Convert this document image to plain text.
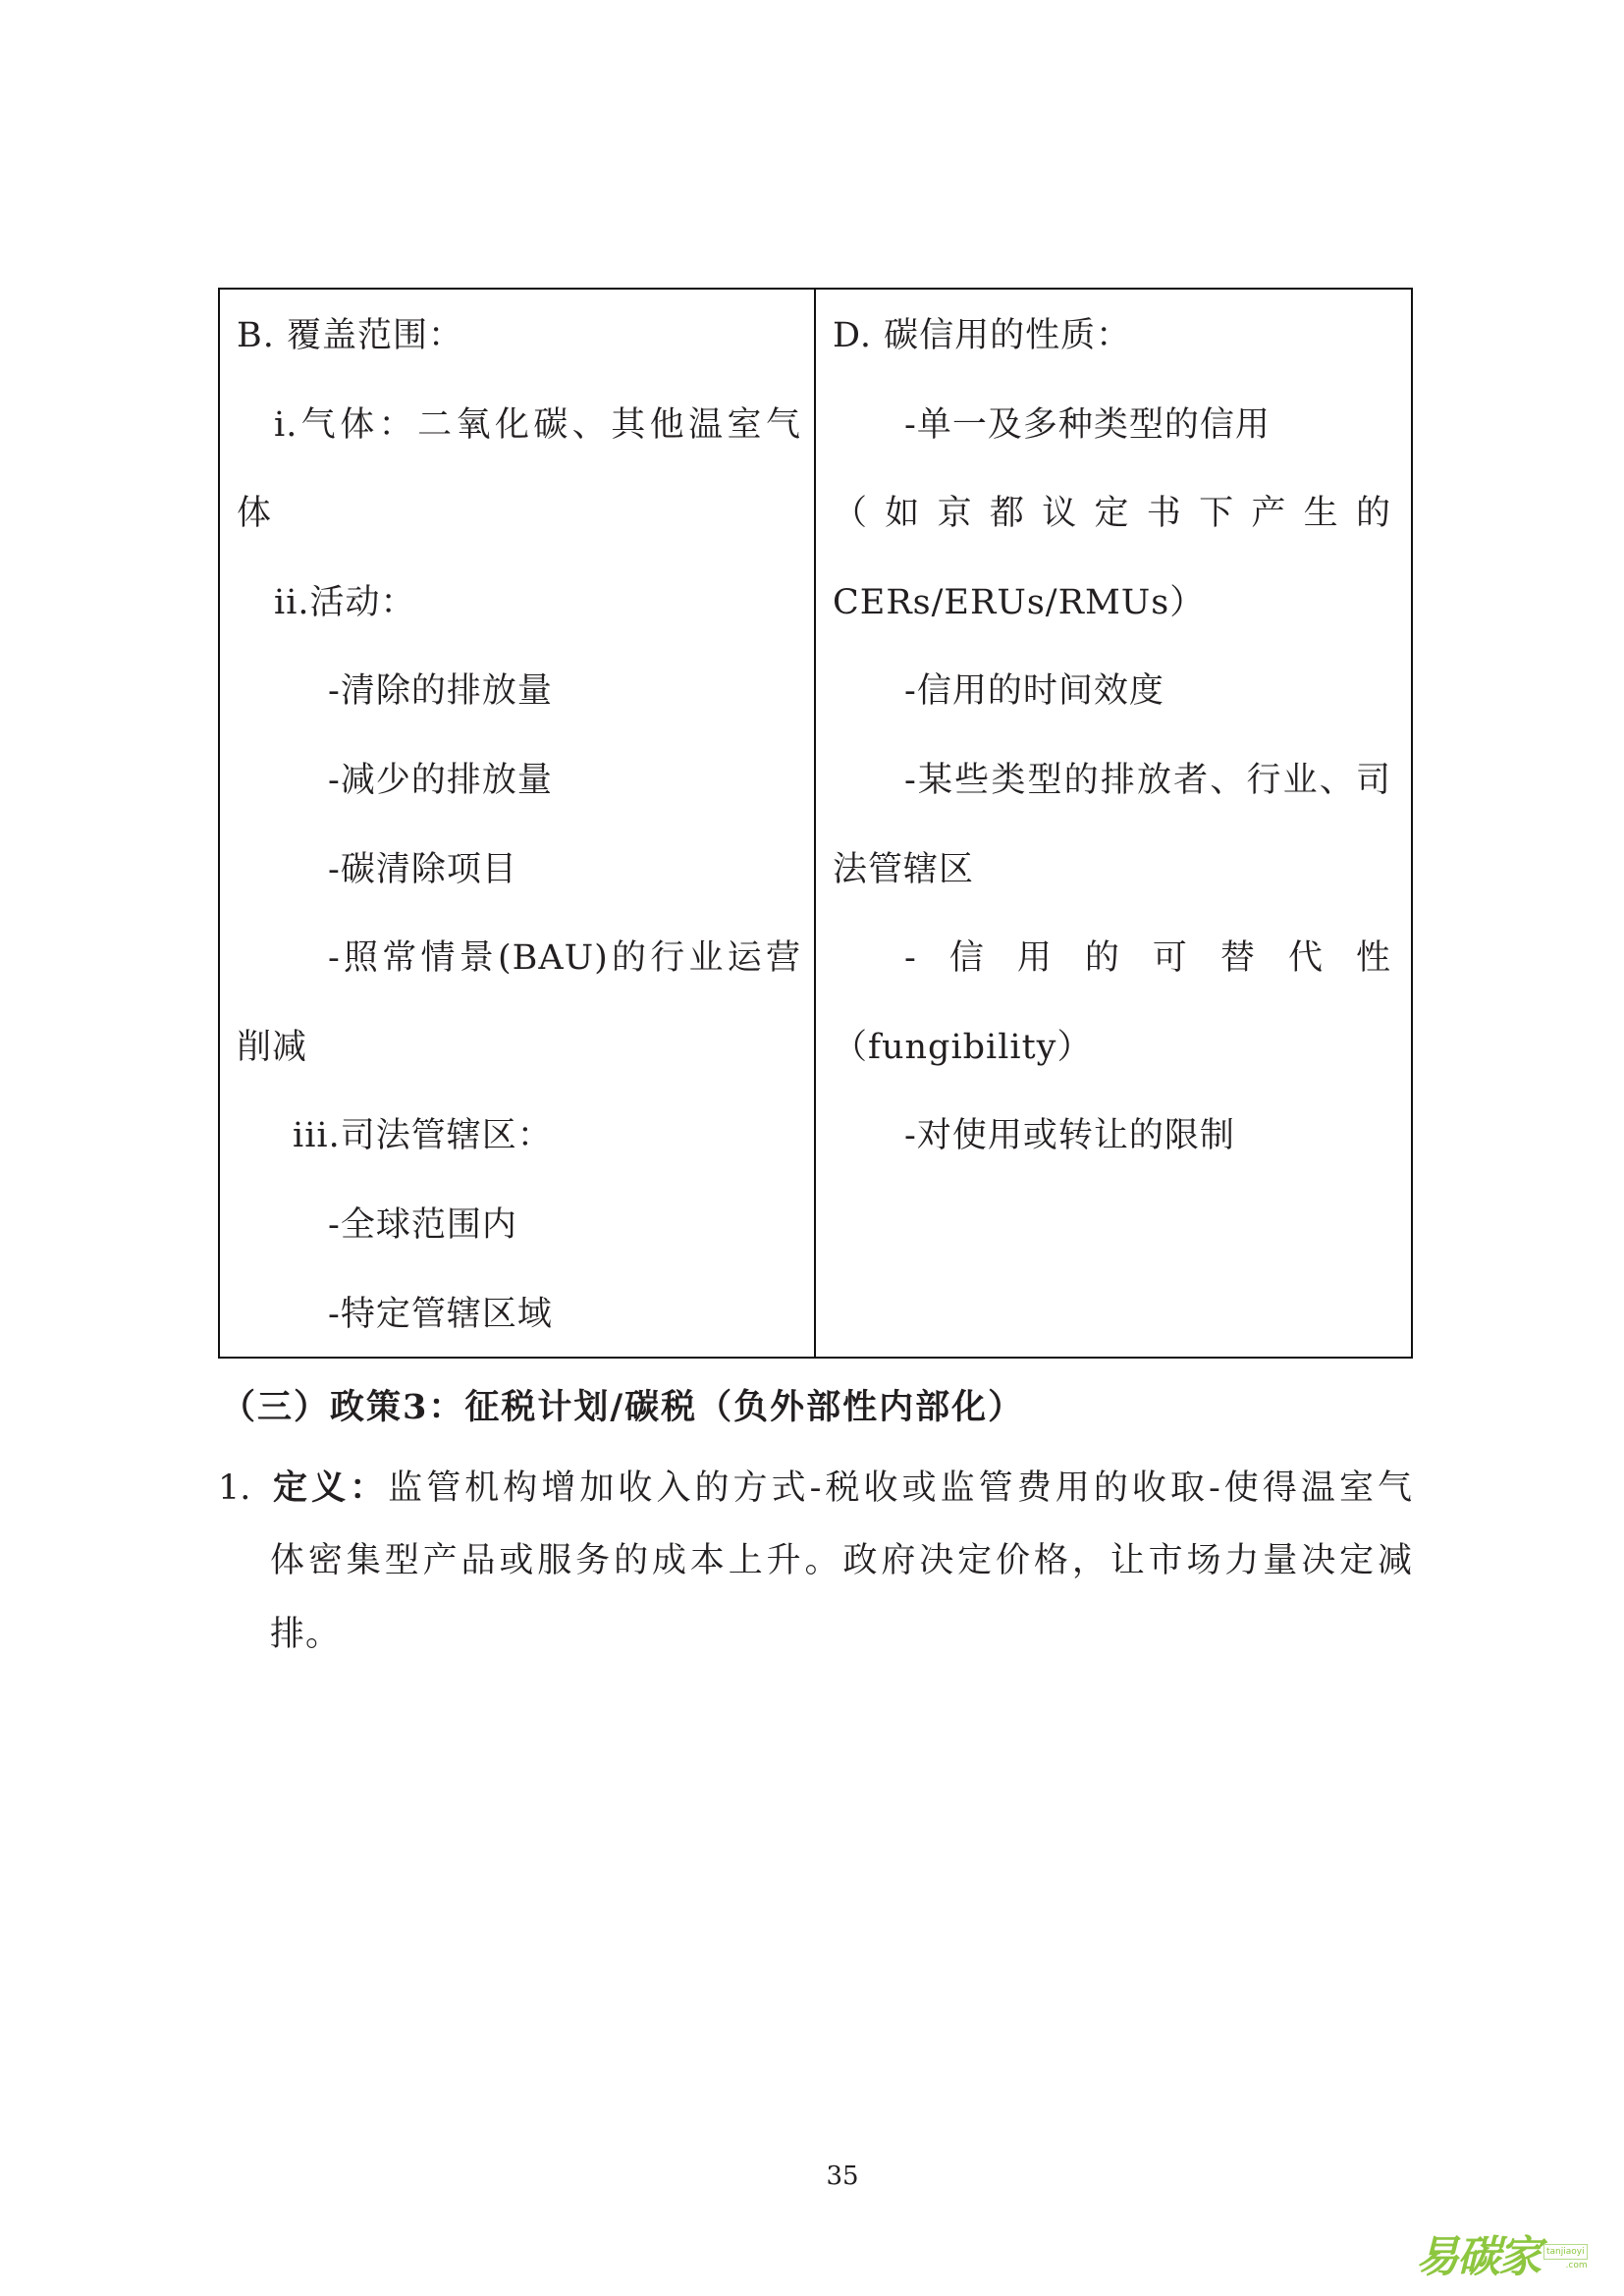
B. 覆盖范围：
i.气体：二氧化碳、其他温室气
体
ii.活动：
-清除的排放量
-减少的排放量
-碳清除项目
-照常情景(BAU)的行业运营
削减
iii.司法管辖区：
-全球范围内
-特定管辖区域
D. 碳信用的性质：
-单一及多种类型的信用
（如京都议定书下产生的
CERs/ERUs/RMUs）
-信用的时间效度
-某些类型的排放者、行业、司
法管辖区
-信用的可替代性
（fungibility）
-对使用或转让的限制
（三）政策3：征税计划/碳税（负外部性内部化）
1. 定义：监管机构增加收入的方式-税收或监管费用的收取-使得温室气
体密集型产品或服务的成本上升。政府决定价格，让市场力量决定减
排。
35
易碳家 tanjiaoyi
.com
